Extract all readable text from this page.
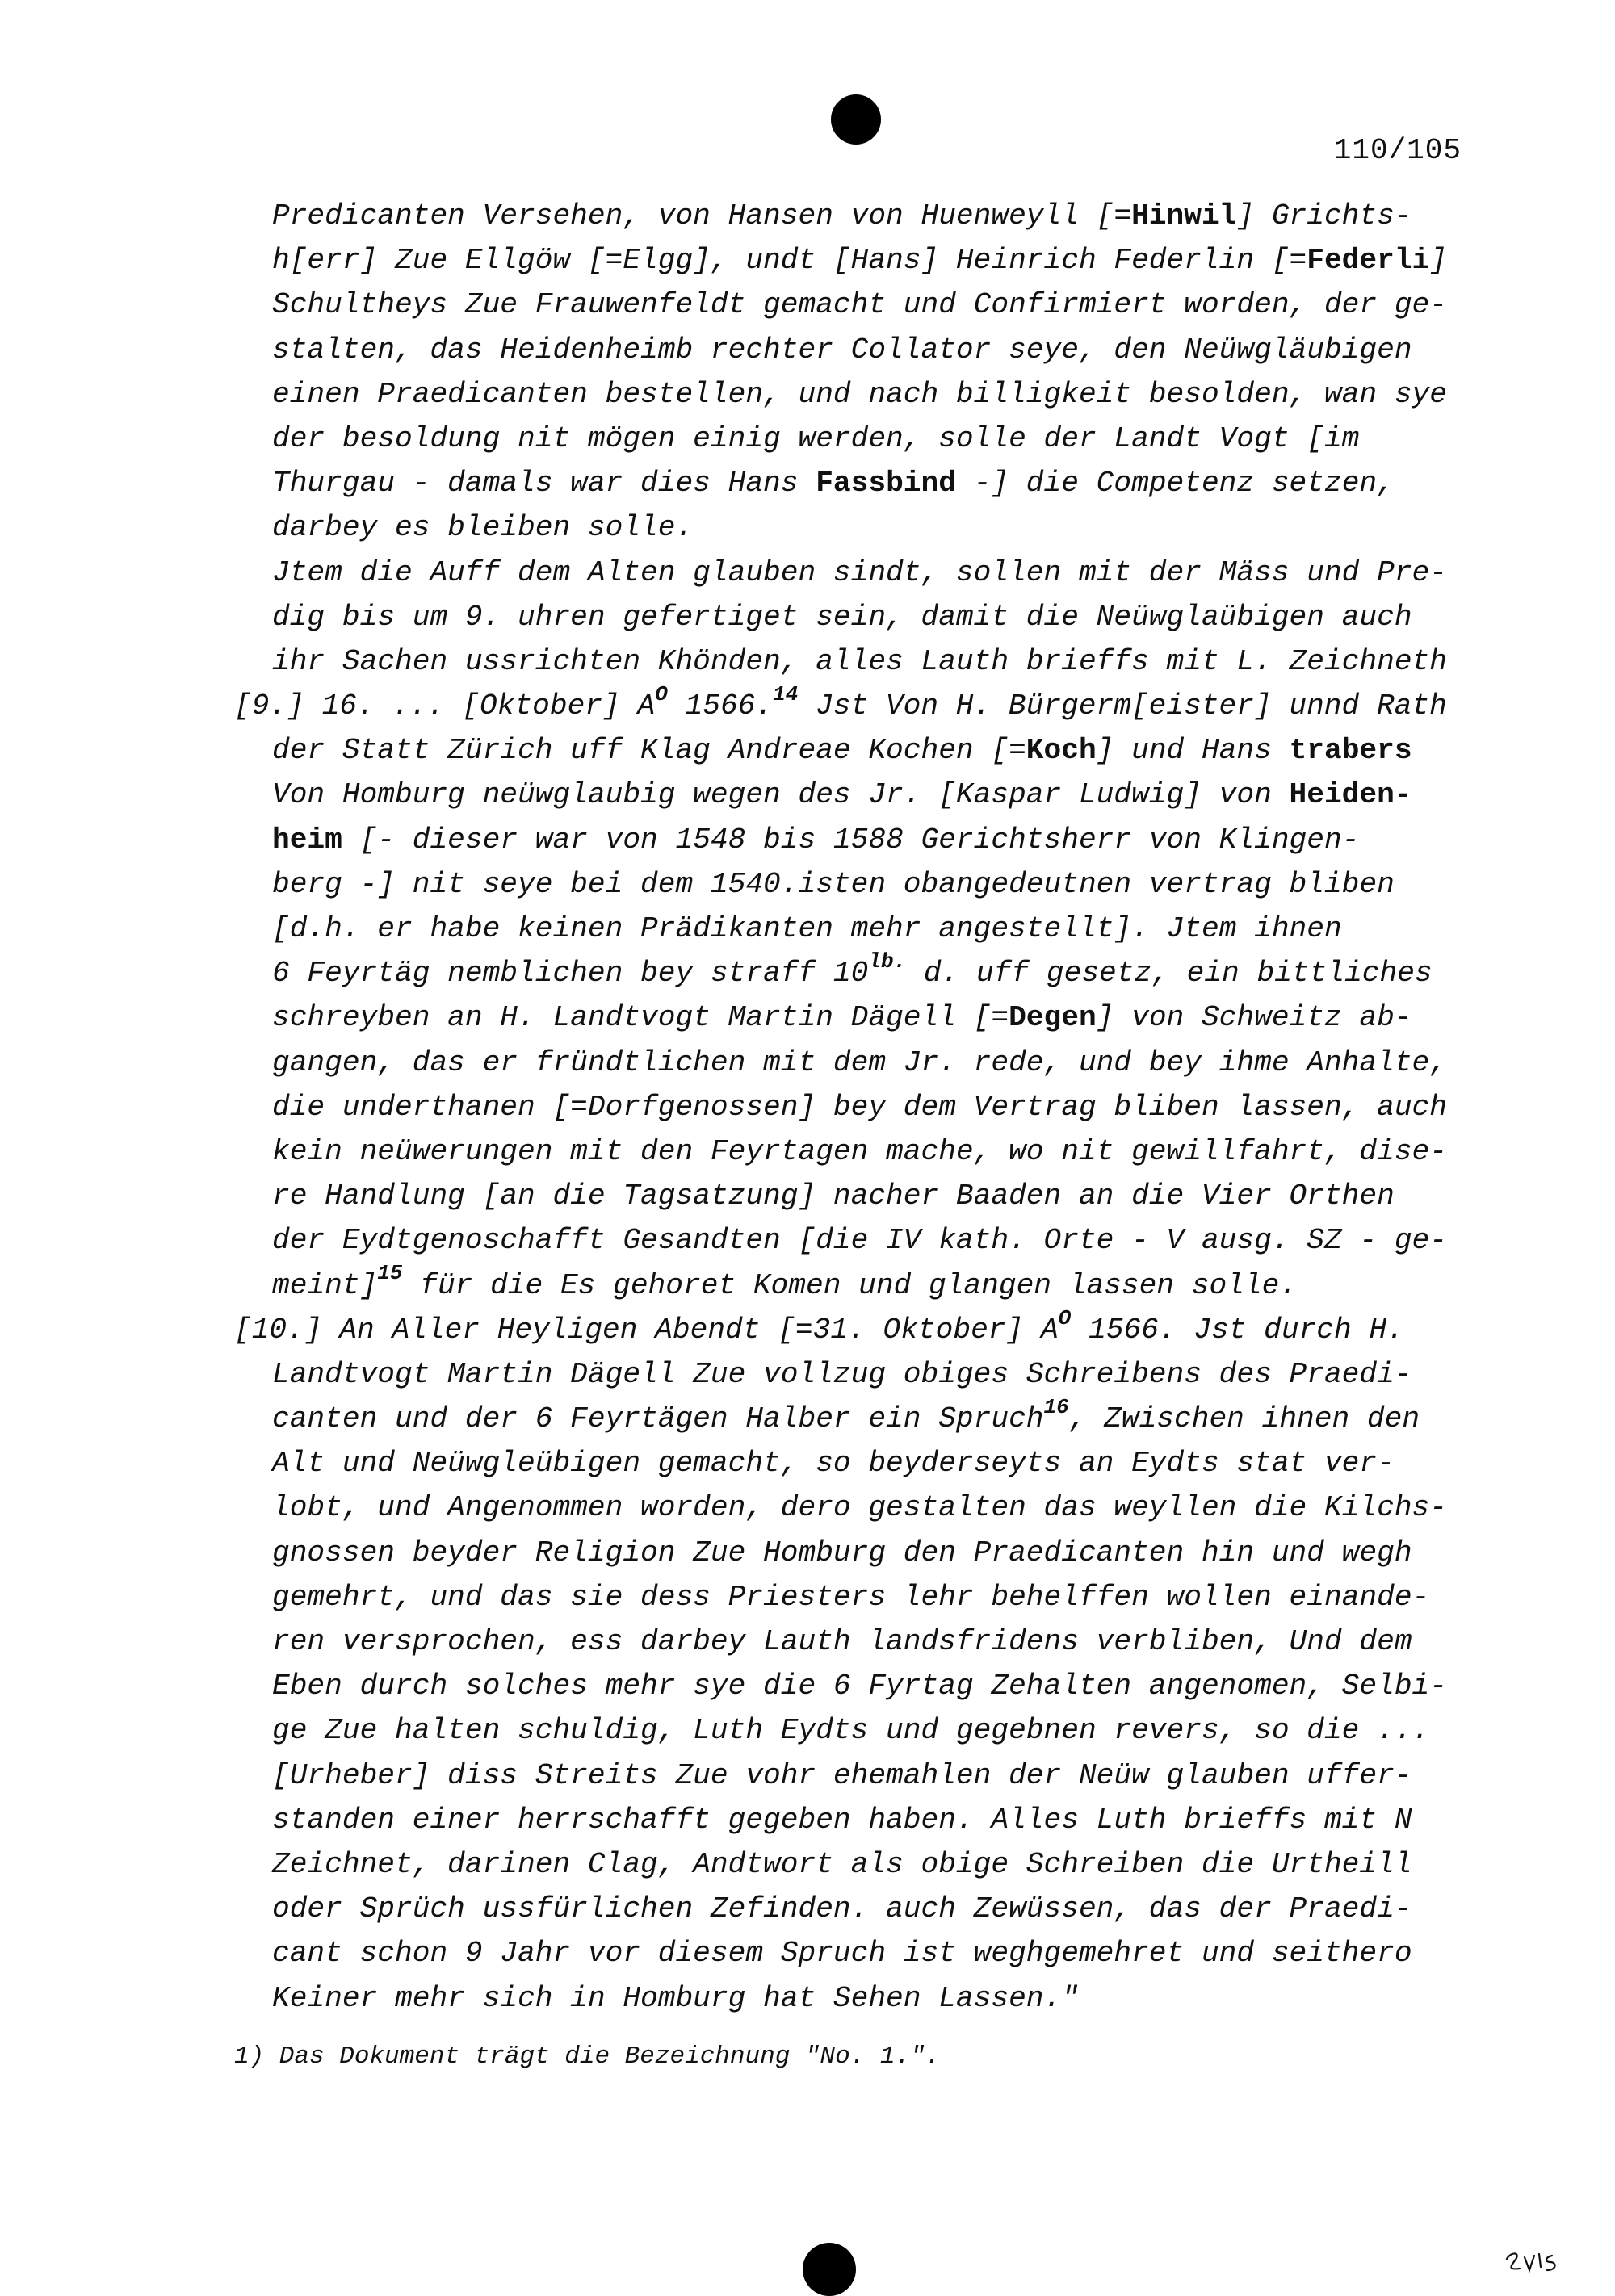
110/105
Predicanten Versehen, von Hansen von Huenweyll [=Hinwil] Grichts-
h[err] Zue Ellgöw [=Elgg], undt [Hans] Heinrich Federlin [=Federli]
Schultheys Zue Frauwenfeldt gemacht und Confirmiert worden, der ge-
stalten, das Heidenheimb rechter Collator seye, den Neüwgläubigen
einen Praedicanten bestellen, und nach billigkeit besolden, wan sye
der besoldung nit mögen einig werden, solle der Landt Vogt [im
Thurgau - damals war dies Hans Fassbind -] die Competenz setzen,
darbey es bleiben solle.
Jtem die Auff dem Alten glauben sindt, sollen mit der Mäss und Pre-
dig bis um 9. uhren gefertiget sein, damit die Neüwglaübigen auch
ihr Sachen ussrichten Khönden, alles Lauth brieffs mit L. Zeichneth
[9.] 16. ... [Oktober] $A^O$ 1566.14 Jst Von H. Bürgerm[eister] unnd Rath
der Statt Zürich uff Klag Andreae Kochen [=Koch] und Hans trabers
Von Homburg neüwglaubig wegen des Jr. [Kaspar Ludwig] von Heiden-
heim [- dieser war von 1548 bis 1588 Gerichtsherr von Klingen-
berg -] nit seye bei dem 1540.isten obangedeutnen vertrag bliben
[d.h. er habe keinen Prädikanten mehr angestellt]. Jtem ihnen
6 Feyrtäg nemblichen bey straff $10^{lb.}$ d. uff gesetz, ein bittliches
schreyben an H. Landtvogt Martin Dägell [=Degen] von Schweitz ab-
gangen, das er fründtlichen mit dem Jr. rede, und bey ihme Anhalte,
die underthanen [=Dorfgenossen] bey dem Vertrag bliben lassen, auch
kein neüwerungen mit den Feyrtagen mache, wo nit gewillfahrt, dise-
re Handlung [an die Tagsatzung] nacher Baaden an die Vier Orthen
der Eydtgenoschafft Gesandten [die IV kath. Orte - V ausg. SZ - ge-
meint]$^{15}$ für die Es gehoret Komen und glangen lassen solle.
[10.] An Aller Heyligen Abendt [=31. Oktober] $A^O$ 1566. Jst durch H.
Landtvogt Martin Dägell Zue vollzug obiges Schreibens des Praedi-
canten und der 6 Feyrtägen Halber ein Spruch$^{16}$, Zwischen ihnen den
Alt und Neüwgleübigen gemacht, so beyderseyts an Eydts stat ver-
lobt, und Angenommen worden, dero gestalten das weyllen die Kilchs-
gnossen beyder Religion Zue Homburg den Praedicanten hin und wegh
gemehrt, und das sie dess Priesters lehr behelffen wollen einande-
ren versprochen, ess darbey Lauth landsfridens verbliben, Und dem
Eben durch solches mehr sye die 6 Fyrtag Zehalten angenomen, Selbi-
ge Zue halten schuldig, Luth Eydts und gegebnen revers, so die ...
[Urheber] diss Streits Zue vohr ehemahlen der Neüw glauben uffer-
standen einer herrschafft gegeben haben. Alles Luth brieffs mit N
Zeichnet, darinen Clag, Andtwort als obige Schreiben die Urtheill
oder Sprüch ussfürlichen Zefinden. auch Zewüssen, das der Praedi-
cant schon 9 Jahr vor diesem Spruch ist weghgemehret und seithero
Keiner mehr sich in Homburg hat Sehen Lassen."
1) Das Dokument trägt die Bezeichnung "No. 1.".
